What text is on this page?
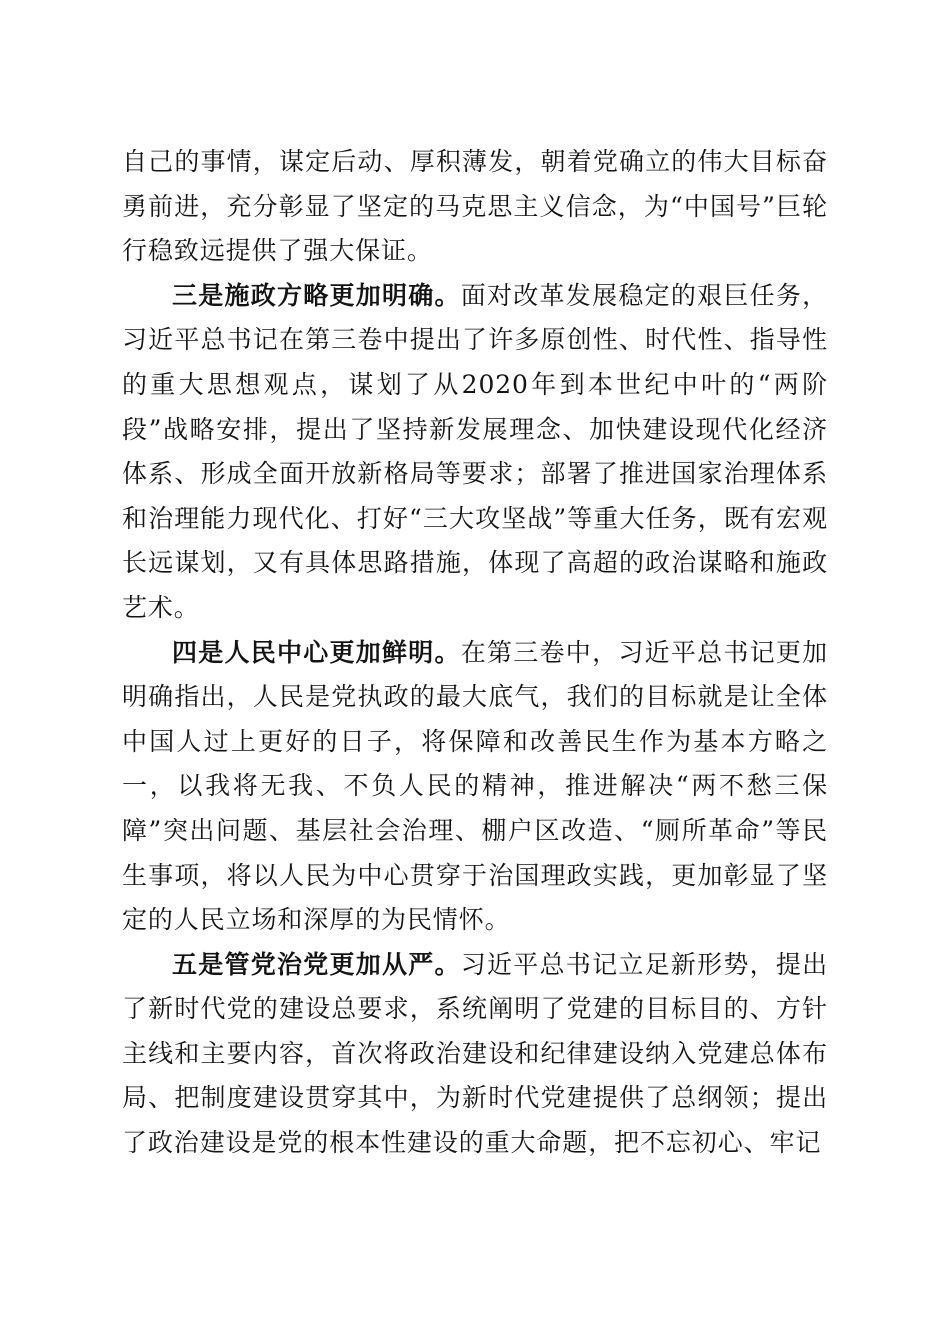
自己的事情，谋定后动、厚积薄发，朝着党确立的伟大目标奋勇前进，充分彰显了坚定的马克思主义信念，为“中国号”巨轮行稳致远提供了强大保证。

三是施政方略更加明确。面对改革发展稳定的艰巨任务，习近平总书记在第三卷中提出了许多原创性、时代性、指导性的重大思想观点，谋划了从2020年到本世纪中叶的“两阶段”战略安排，提出了坚持新发展理念、加快建设现代化经济体系、形成全面开放新格局等要求；部署了推进国家治理体系和治理能力现代化、打好“三大攻坚战”等重大任务，既有宏观长远谋划，又有具体思路措施，体现了高超的政治谋略和施政艺术。

四是人民中心更加鲜明。在第三卷中，习近平总书记更加明确指出，人民是党执政的最大底气，我们的目标就是让全体中国人过上更好的日子，将保障和改善民生作为基本方略之一，以我将无我、不负人民的精神，推进解决“两不愁三保障”突出问题、基层社会治理、棚户区改造、“厕所革命”等民生事项，将以人民为中心贯穿于治国理政实践，更加彰显了坚定的人民立场和深厚的为民情怀。

五是管党治党更加从严。习近平总书记立足新形势，提出了新时代党的建设总要求，系统阐明了党建的目标目的、方针主线和主要内容，首次将政治建设和纪律建设纳入党建总体布局、把制度建设贯穿其中，为新时代党建提供了总纲领；提出了政治建设是党的根本性建设的重大命题，把不忘初心、牢记
